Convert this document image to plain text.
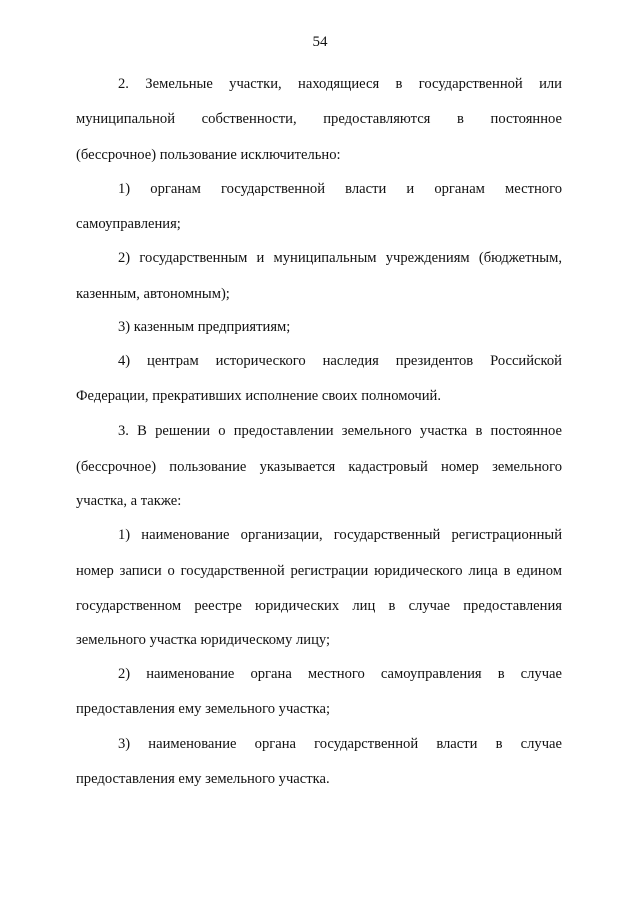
54
2. Земельные участки, находящиеся в государственной или
муниципальной собственности, предоставляются в постоянное
(бессрочное) пользование исключительно:
1) органам государственной власти и органам местного
самоуправления;
2) государственным и муниципальным учреждениям (бюджетным,
казенным, автономным);
3) казенным предприятиям;
4) центрам исторического наследия президентов Российской
Федерации, прекративших исполнение своих полномочий.
3. В решении о предоставлении земельного участка в постоянное
(бессрочное) пользование указывается кадастровый номер земельного
участка, а также:
1) наименование организации, государственный регистрационный
номер записи о государственной регистрации юридического лица в едином
государственном реестре юридических лиц в случае предоставления
земельного участка юридическому лицу;
2) наименование органа местного самоуправления в случае
предоставления ему земельного участка;
3) наименование органа государственной власти в случае
предоставления ему земельного участка.
